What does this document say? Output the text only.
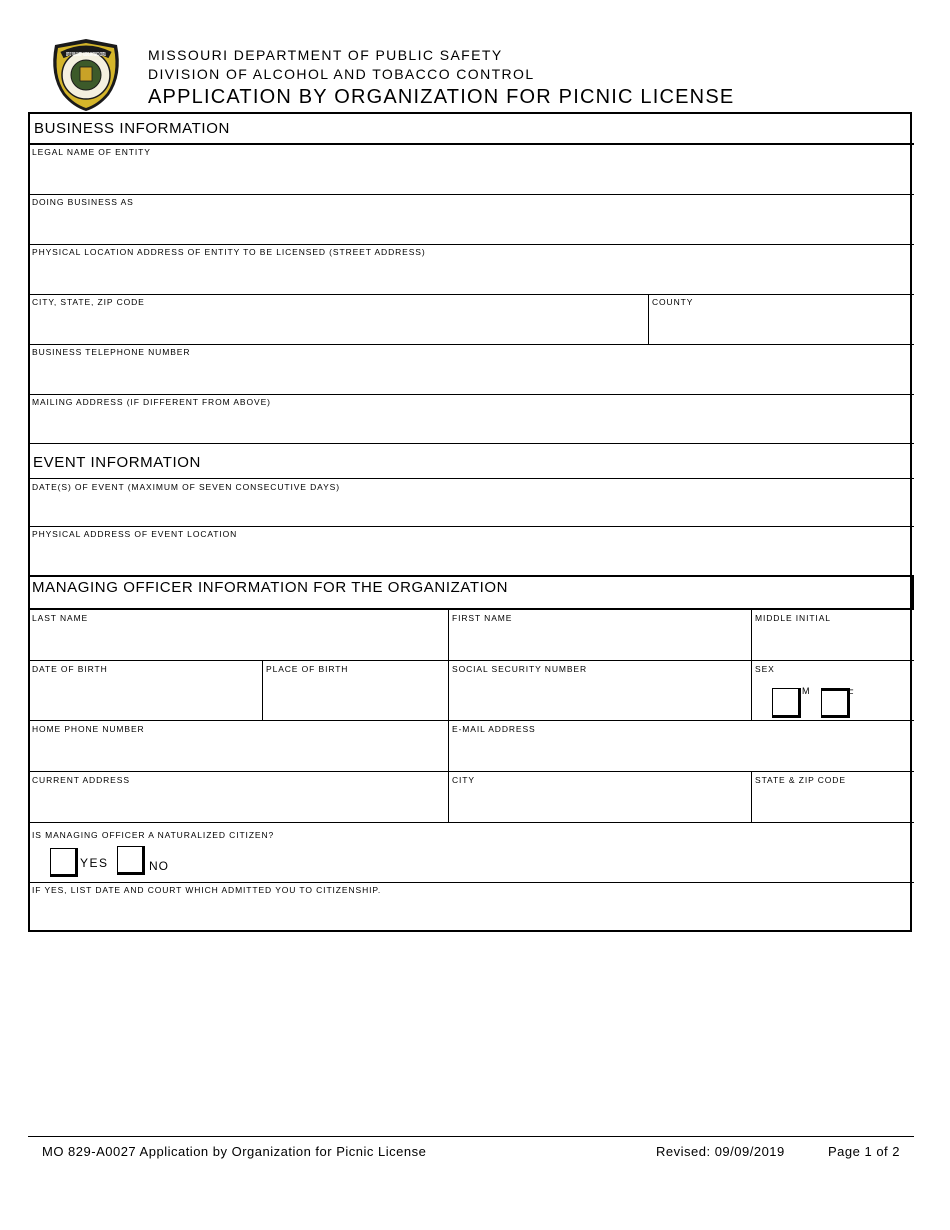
DEPT OF PUBLIC SAFETY · ALCOHOL AND TOBACCO CONTROL	MISSOURI DEPARTMENT OF PUBLIC SAFETY
DIVISION OF ALCOHOL AND TOBACCO CONTROL
APPLICATION BY ORGANIZATION FOR PICNIC LICENSE
BUSINESS INFORMATION
LEGAL NAME OF ENTITY
DOING BUSINESS AS
PHYSICAL LOCATION ADDRESS OF ENTITY TO BE LICENSED (STREET ADDRESS)
CITY, STATE, ZIP CODE	COUNTY
BUSINESS TELEPHONE NUMBER
MAILING ADDRESS (IF DIFFERENT FROM ABOVE)
EVENT INFORMATION
DATE(S) OF EVENT (MAXIMUM OF SEVEN CONSECUTIVE DAYS)
PHYSICAL ADDRESS OF EVENT LOCATION
MANAGING OFFICER INFORMATION FOR THE ORGANIZATION
LAST NAME	FIRST NAME	MIDDLE INITIAL
DATE OF BIRTH	PLACE OF BIRTH	SOCIAL SECURITY NUMBER	SEX
M	F
HOME PHONE NUMBER	E-MAIL ADDRESS
CURRENT ADDRESS	CITY	STATE & ZIP CODE
IS MANAGING OFFICER A NATURALIZED CITIZEN?
YES	NO
IF YES, LIST DATE AND COURT WHICH ADMITTED YOU TO CITIZENSHIP.
MO 829-A0027 Application by Organization for Picnic License	Revised: 09/09/2019	Page 1 of 2
